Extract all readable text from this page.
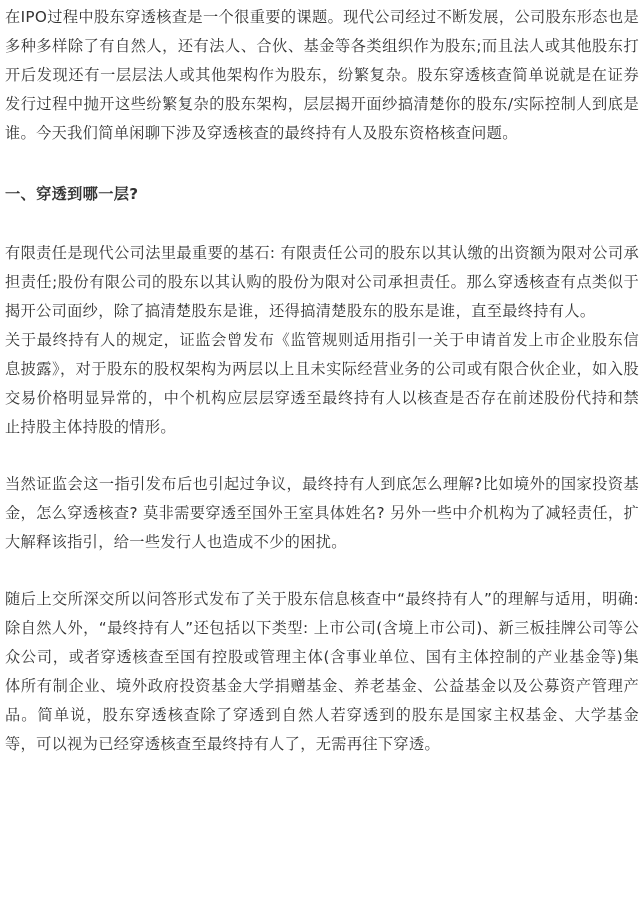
在IPO过程中股东穿透核查是一个很重要的课题。现代公司经过不断发展，公司股东形态也是多种多样除了有自然人，还有法人、合伙、基金等各类组织作为股东;而且法人或其他股东打开后发现还有一层层法人或其他架构作为股东，纷繁复杂。股东穿透核查简单说就是在证券发行过程中抛开这些纷繁复杂的股东架构，层层揭开面纱搞清楚你的股东/实际控制人到底是谁。今天我们简单闲聊下涉及穿透核查的最终持有人及股东资格核查问题。

一、穿透到哪一层?

有限责任是现代公司法里最重要的基石: 有限责任公司的股东以其认缴的出资额为限对公司承担责任;股份有限公司的股东以其认购的股份为限对公司承担责任。那么穿透核查有点类似于揭开公司面纱，除了搞清楚股东是谁，还得搞清楚股东的股东是谁，直至最终持有人。

关于最终持有人的规定，证监会曾发布《监管规则适用指引一关于申请首发上市企业股东信息披露》，对于股东的股权架构为两层以上且未实际经营业务的公司或有限合伙企业，如入股交易价格明显异常的，中个机构应层层穿透至最终持有人以核查是否存在前述股份代持和禁止持股主体持股的情形。

当然证监会这一指引发布后也引起过争议，最终持有人到底怎么理解?比如境外的国家投资基金，怎么穿透核查? 莫非需要穿透至国外王室具体姓名? 另外一些中介机构为了减轻责任，扩大解释该指引，给一些发行人也造成不少的困扰。

随后上交所深交所以问答形式发布了关于股东信息核查中“最终持有人”的理解与适用，明确: 除自然人外，“最终持有人”还包括以下类型: 上市公司(含境上市公司)、新三板挂牌公司等公众公司，或者穿透核查至国有控股或管理主体(含事业单位、国有主体控制的产业基金等)集体所有制企业、境外政府投资基金大学捐赠基金、养老基金、公益基金以及公募资产管理产品。简单说，股东穿透核查除了穿透到自然人若穿透到的股东是国家主权基金、大学基金等，可以视为已经穿透核查至最终持有人了，无需再往下穿透。
